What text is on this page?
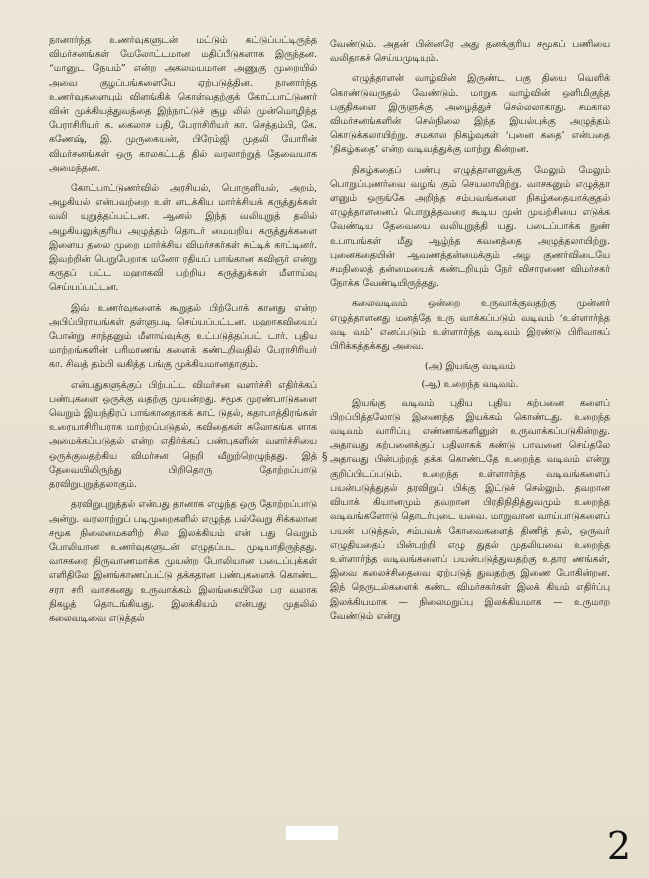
நானார்ந்த உணர்வுகளுடன் மட்டும் கட்டுப்பட்டிருந்த விமர்சனங்கள் மேலோட்டமான மதிப்பீடுகளாக இருந்தன. “மானுட நேயம்” என்ற அகலமயமான அணுகு முறையில் அவை குழப்பங்களையே ஏற்படுத்தின. நானார்ந்த உணர்வுகளையும் விளங்கிக் கொள்வதற்குக் கோட்பாட்டுணர் வின் முக்கியத்துவத்தை இந்நாட்டுச் சூழ லில் முன்மொழிந்த பேராசிரியர் க. கைலாச பதி, பேராசிரியர் கா. செத்தம்பி, கே. கணேஷ், இ. முருகையன், பிரேம்ஜி முதலி யோரின் விமர்சனங்கள் ஒரு காலகட்டத் தில் வரலாற்றுத் தேவையாக அமைந்தன.

கோட்பாட்டுணர்வில் அரசியல், பொருளியல், அறம், அழகியல் என்பவற்றை உள் ளடக்கிய மார்க்சியக் கருத்துக்கள் வலி யுறுத்தப்பட்டன. ஆனல் இந்த வலியுறுத் தலில் அழகியலுக்குரிய அழுத்தம் தொடர் மையறிய கருத்துக்களை இளைய தலை முறை மார்க்சிய விமர்சகர்கள் சுட்டிக் காட்டினர். இவற்றின் பெறுபேறாக மனோ ரதியப் பாங்கான கவிஞர் என்று கருதப் பட்ட மஹாகவி பற்றிய கருத்துக்கள் மீளாய்வு செய்யப்பட்டன.

இவ் உணர்வுகளைக் கூறுதல் பிற்போக் கானது என்ற அபிப்பிராயங்கள் தள்ளுபடி செய்யப்பட்டன. மஹாகவியைப் போன்று சாந்தனும் மீளாய்வுக்கு உட்படுத்தப்பட் டார். புதிய மாற்றங்களின் பரிமாணங் களைக் கண்டறிவதில் பேராசிரியர் கா. சிவத் தம்பி வகித்த பங்கு முக்கியமானதாகும்.

என்பதுகளுக்குப் பிற்பட்ட விமர்சன வளர்ச்சி எதிர்க்கப் பண்புகளை ஒருக்கு வதற்கு முயன்றது. சமூக முரண்பாடுகளை வெறும் இயந்திரப் பாங்கானதாகக் காட் டுதல், கதாபாத்திரங்கள் உரையாசிரியராக மாற்றப்படுதல், கவிதைகள் சுலோகங்க ளாக அமைக்கப்படுதல் என்ற எதிர்க்கப் பண்புகளின் வளர்ச்சியை ஒருக்குவதற்கிய விமர்சன நெறி வீறுற்றெழுந்தது. இத் தேவையிலிருந்து பிறிதொரு தோற்றப்பாடு தரவிறுபுறுத்தலாகும்.

தரவிறுபுறுத்தல் என்பது தானாக எழுந்த ஒரு தோற்றப்பாடு அன்று. வரலாற்றுப் படிமுறைகளில் எழுந்த பல்வேறு சிக்கலான சமூக நிலைமைகளிற் சில இலக்கியம் என் பது வெறும் போலியான உணர்வுகளுடன் எழுதப்பட முடியாதிருந்தது. வாசகரை நிருவாணமாக்க முயன்ற போலியான படைப்புக்கள் எளிதிலே இனங்காணப்பட்டு தக்கதான பண்புகளைக் கொண்ட சரா சரி வாசகனது உருவாக்கம் இலங்கையிலே பர வலாக நிகழத் தொடங்கியது. இலக்கியம் என்பது முதலில் கலைவடிவை எடுத்தல்

§

வேண்டும். அதன் பின்னரே அது தனக்குரிய சமூகப் பணியை வலிதாகச் செய்யமுடியும்.

எழுத்தாளன் வாழ்வின் இருண்ட பகு தியை வெளிக் கொண்டுவருதல் வேண்டும். மாறுக வாழ்வின் ஒளிமிகுந்த பகுதிகளை இருளுக்கு அழைத்துச் செல்லலாகாது. சமகால விமர்சனங்களின் செல்நிலை இந்த இயல்புக்கு அழுத்தம் கொடுக்கலாயிற்று. சமகால நிகழ்வுகள் ‘புனை கதை’ என்பதை ‘நிகழ்கதை’ என்ற வடிவத்துக்கு மாற்று கின்றன.

நிகழ்கதைப் பண்பு எழுத்தாளனுக்கு மேலும் மேலும் பொறுப்புணர்வை வழங் கும் செயலாயிற்று. வாசகனும் எழுத்தா ளனும் ஒருங்கே அறிந்த சம்பவங்களை நிகழ்கதையாக்குதல் எழுத்தாளனைப் பொறுத்தவரை கூடிய முன் முயற்சியை எடுக்க வேண்டிய தேவையை வலியுறுத்தி யது. படைப்பாக்க நுண் உபாயங்கள் மீது ஆழ்ந்த கவனத்தை அழுத்தலாயிற்று. புனைகதையின் ஆவணத்தன்மைக்கும் அழ குணர்விடையே சமநிலைத் தன்மையைக் கண்டறியும் நேர் விசாரணை விமர்சகர் நோக்க வேண்டியிருந்தது.

கலைவடிவம் ஒன்றை உருவாக்குவதற்கு முன்னர் எழுத்தாளனது மனத்தே உரு வாக்கப்படும் வடிவம் ‘உள்ளார்ந்த வடி வம்’ எனப்படும் உள்ளார்ந்த வடிவம் இரண்டு பிரிவாகப் பிரிக்கத்தக்கது அவை.

(அ) இயங்கு வடிவம்

(ஆ) உறைந்த வடிவம்.

இயங்கு வடிவம் புதிய புதிய கற்பனை களைப் பிறப்பித்தலோடு இணைந்த இயக்கம் கொண்டது. உறைந்த வடிவம் வாரிப்பு எண்ணங்களினுள் உருவாக்கப்படுகின்றது. அதாவது கற்பனைக்குப் பதிலாகக் கண்டு பாவனை செய்தலே அதாவது பின்பற்றத் தக்க கொண்டதே உறைந்த வடிவம் என்று குறிப்பிடப்படும். உறைந்த உள்ளார்ந்த வடிவங்களைப் பயன்படுத்துதல் தரவிறுப் பிக்கு இட்டுச் செல்லும். தவறான வியாக் கியானமும் தவறான பிரதிநிதித்துவமும் உறைந்த வடிவங்களோடு தொடர்புடை யவை. மாறுவான வாய்பாடுகளைப் பயன் படுத்தல், சம்பவக் கோவைகளைத் திணித் தல், ஒருவர் எழுதியதைப் பின்பற்றி எழு துதல் முதலியவை உறைந்த உள்ளார்ந்த வடிவங்களைப் பயன்படுத்துவதற்கு உதார ணங்கள், இவை கலைச்சிதைவை ஏற்படுத் துவதற்கு இணை போகின்றன. இந் நெருடல்களைக் கண்ட விமர்சகர்கள் இலக் கியம் எதிர்ப்பு இலக்கியமாக — நிலைமறுப்பு இலக்கியமாக — உருமாற வேண்டும் என்று

2
